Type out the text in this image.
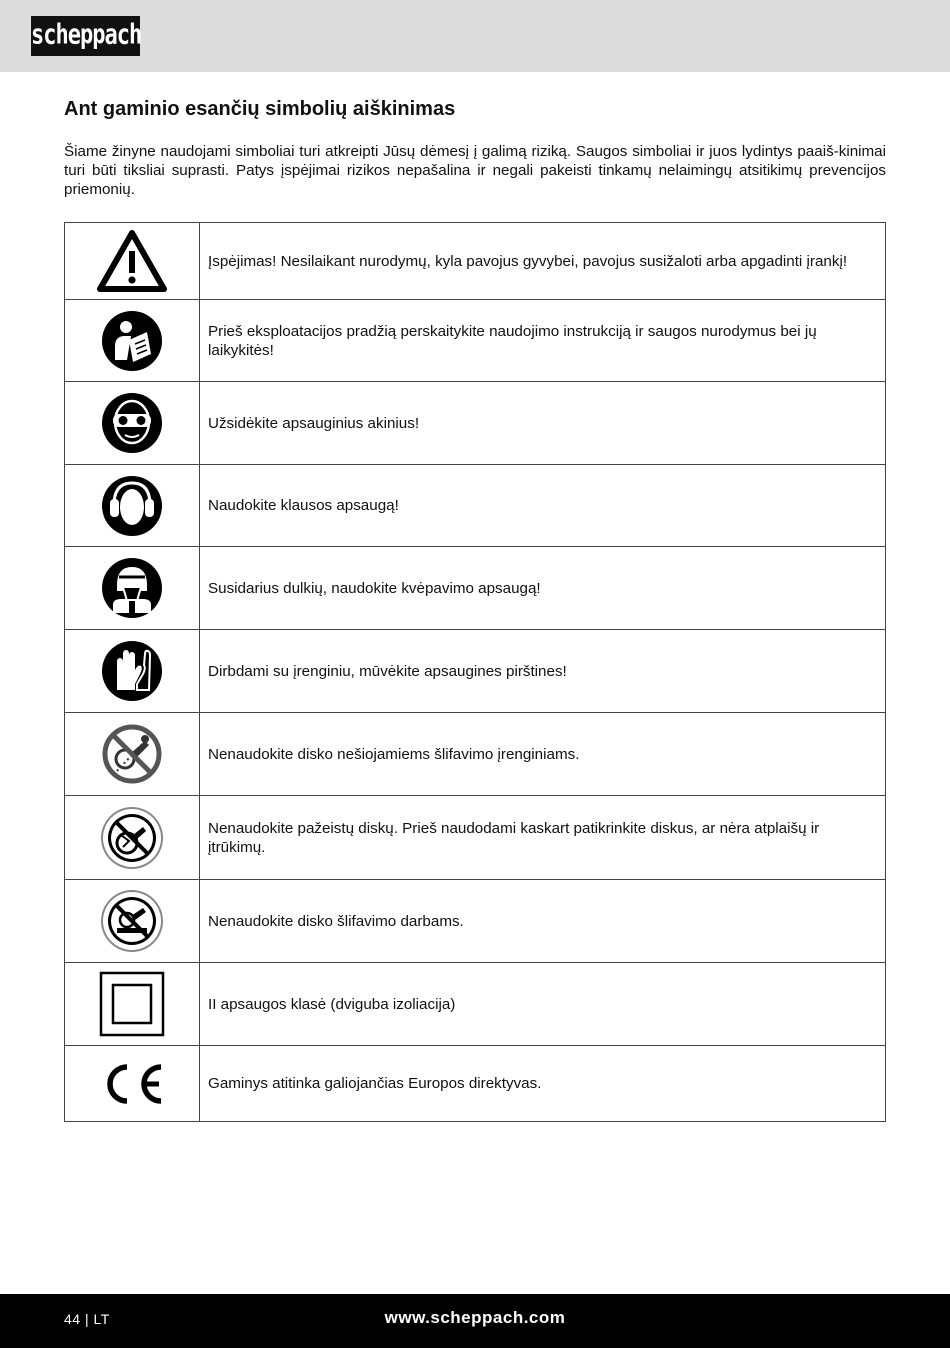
scheppach
Ant gaminio esančių simbolių aiškinimas

Šiame žinyne naudojami simboliai turi atkreipti Jūsų dėmesį į galimą riziką. Saugos simboliai ir juos lydintys paaiš-kinimai turi būti tiksliai suprasti. Patys įspėjimai rizikos nepašalina ir negali pakeisti tinkamų nelaimingų atsitikimų prevencijos priemonių.

	Įspėjimas! Nesilaikant nurodymų, kyla pavojus gyvybei, pavojus susižaloti arba apgadinti įrankį!

	Prieš eksploatacijos pradžią perskaitykite naudojimo instrukciją ir saugos nurodymus bei jų laikykitės!

	Užsidėkite apsauginius akinius!

	Naudokite klausos apsaugą!

	Susidarius dulkių, naudokite kvėpavimo apsaugą!

	Dirbdami su įrenginiu, mūvėkite apsaugines pirštines!

	Nenaudokite disko nešiojamiems šlifavimo įrenginiams.

	Nenaudokite pažeistų diskų. Prieš naudodami kaskart patikrinkite diskus, ar nėra atplaišų ir įtrūkimų.

	Nenaudokite disko šlifavimo darbams.

	II apsaugos klasė (dviguba izoliacija)

	Gaminys atitinka galiojančias Europos direktyvas.
44 | LT	www.scheppach.com
